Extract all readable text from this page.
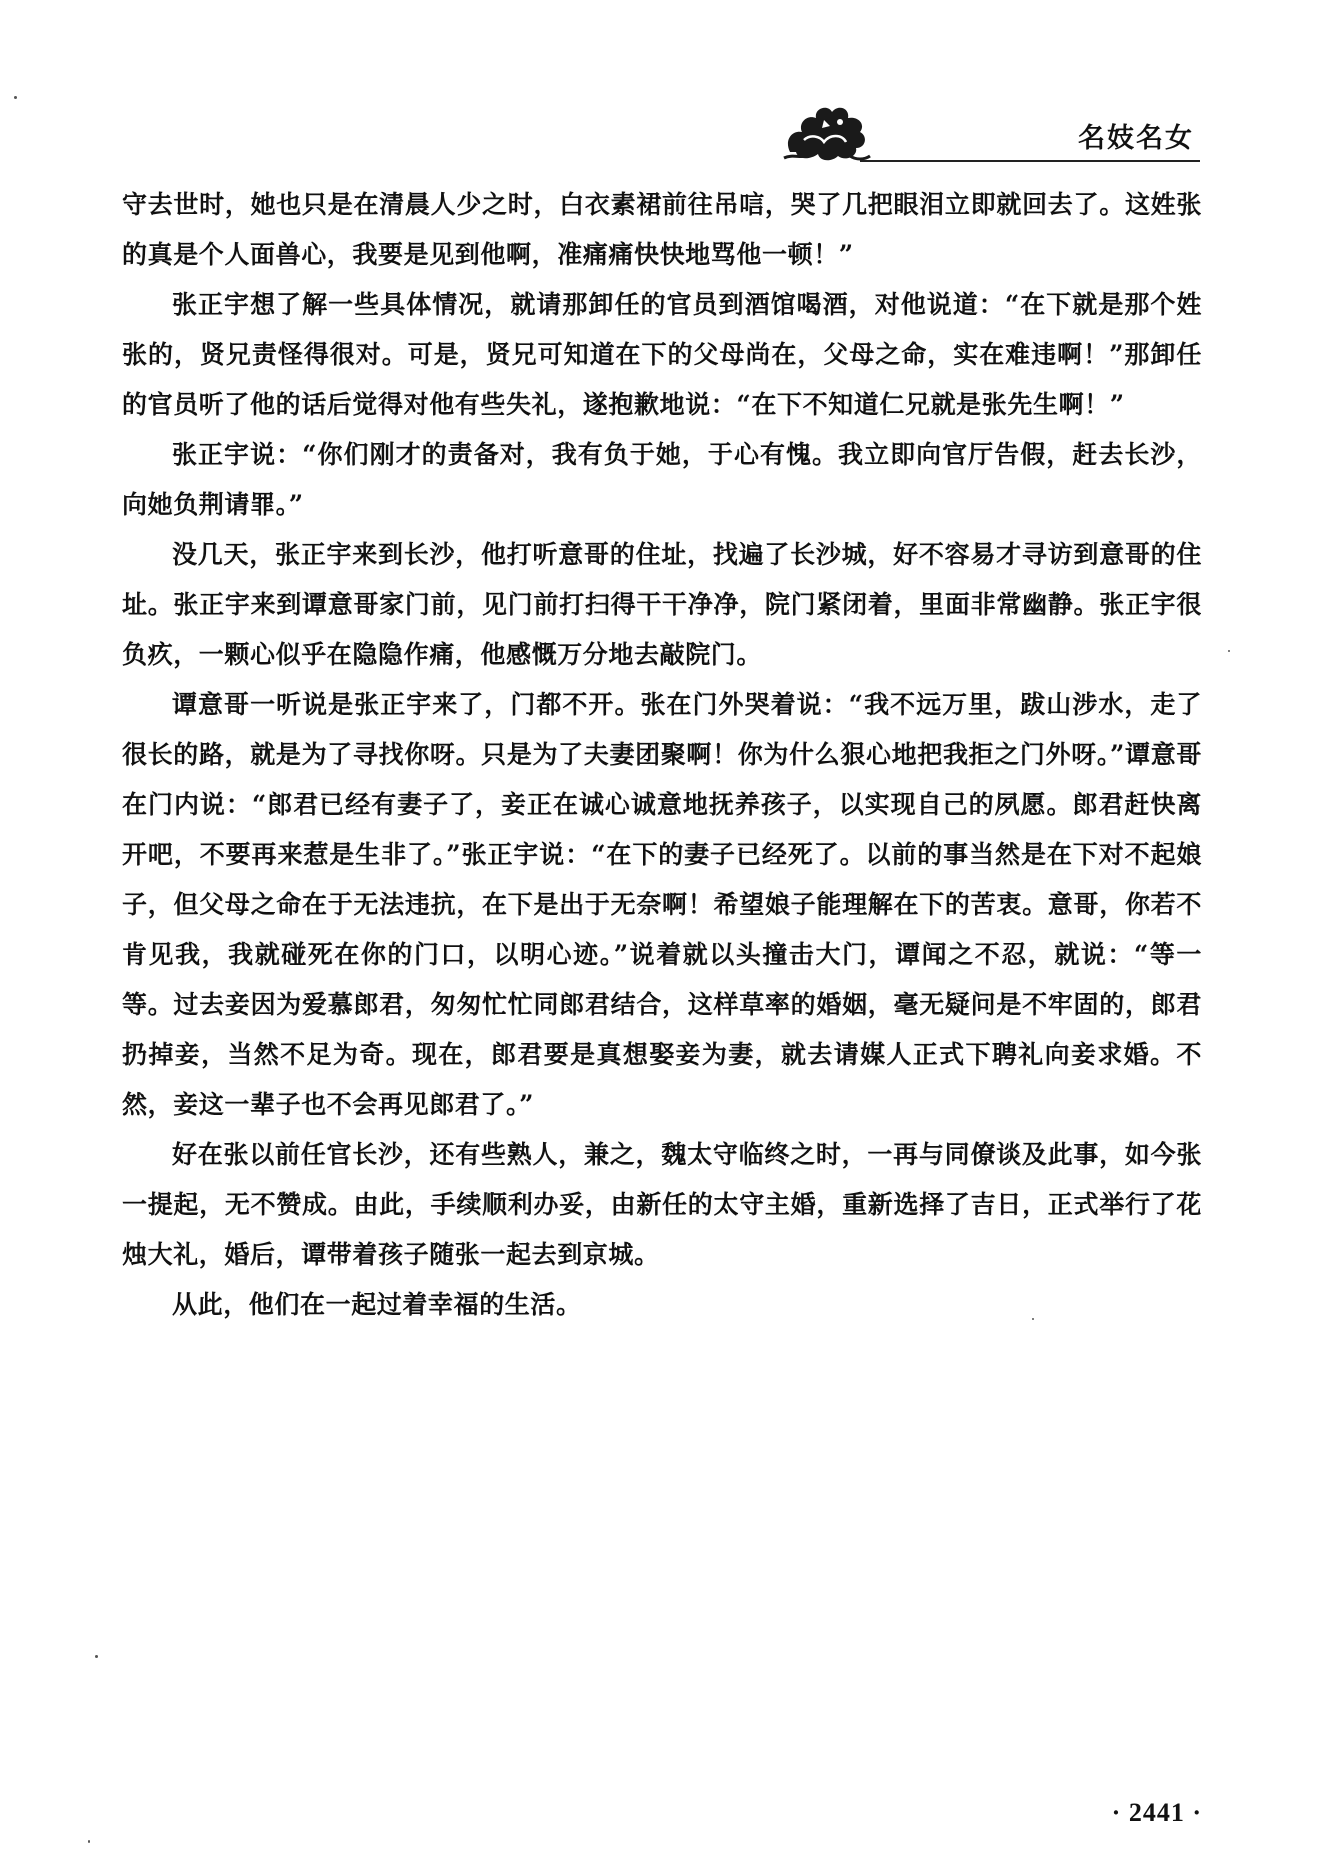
名妓名女

守去世时，她也只是在清晨人少之时，白衣素裙前往吊唁，哭了几把眼泪立即就回去了。这姓张的真是个人面兽心，我要是见到他啊，准痛痛快快地骂他一顿！”

张正宇想了解一些具体情况，就请那卸任的官员到酒馆喝酒，对他说道：“在下就是那个姓张的，贤兄责怪得很对。可是，贤兄可知道在下的父母尚在，父母之命，实在难违啊！”那卸任的官员听了他的话后觉得对他有些失礼，遂抱歉地说：“在下不知道仁兄就是张先生啊！”

张正宇说：“你们刚才的责备对，我有负于她，于心有愧。我立即向官厅告假，赶去长沙，向她负荆请罪。”

没几天，张正宇来到长沙，他打听意哥的住址，找遍了长沙城，好不容易才寻访到意哥的住址。张正宇来到谭意哥家门前，见门前打扫得干干净净，院门紧闭着，里面非常幽静。张正宇很负疚，一颗心似乎在隐隐作痛，他感慨万分地去敲院门。

谭意哥一听说是张正宇来了，门都不开。张在门外哭着说：“我不远万里，跋山涉水，走了很长的路，就是为了寻找你呀。只是为了夫妻团聚啊！你为什么狠心地把我拒之门外呀。”谭意哥在门内说：“郎君已经有妻子了，妾正在诚心诚意地抚养孩子，以实现自己的夙愿。郎君赶快离开吧，不要再来惹是生非了。”张正宇说：“在下的妻子已经死了。以前的事当然是在下对不起娘子，但父母之命在于无法违抗，在下是出于无奈啊！希望娘子能理解在下的苦衷。意哥，你若不肯见我，我就碰死在你的门口，以明心迹。”说着就以头撞击大门，谭闻之不忍，就说：“等一等。过去妾因为爱慕郎君，匆匆忙忙同郎君结合，这样草率的婚姻，毫无疑问是不牢固的，郎君扔掉妾，当然不足为奇。现在，郎君要是真想娶妾为妻，就去请媒人正式下聘礼向妾求婚。不然，妾这一辈子也不会再见郎君了。”

好在张以前任官长沙，还有些熟人，兼之，魏太守临终之时，一再与同僚谈及此事，如今张一提起，无不赞成。由此，手续顺利办妥，由新任的太守主婚，重新选择了吉日，正式举行了花烛大礼，婚后，谭带着孩子随张一起去到京城。

从此，他们在一起过着幸福的生活。

· 2441 ·
